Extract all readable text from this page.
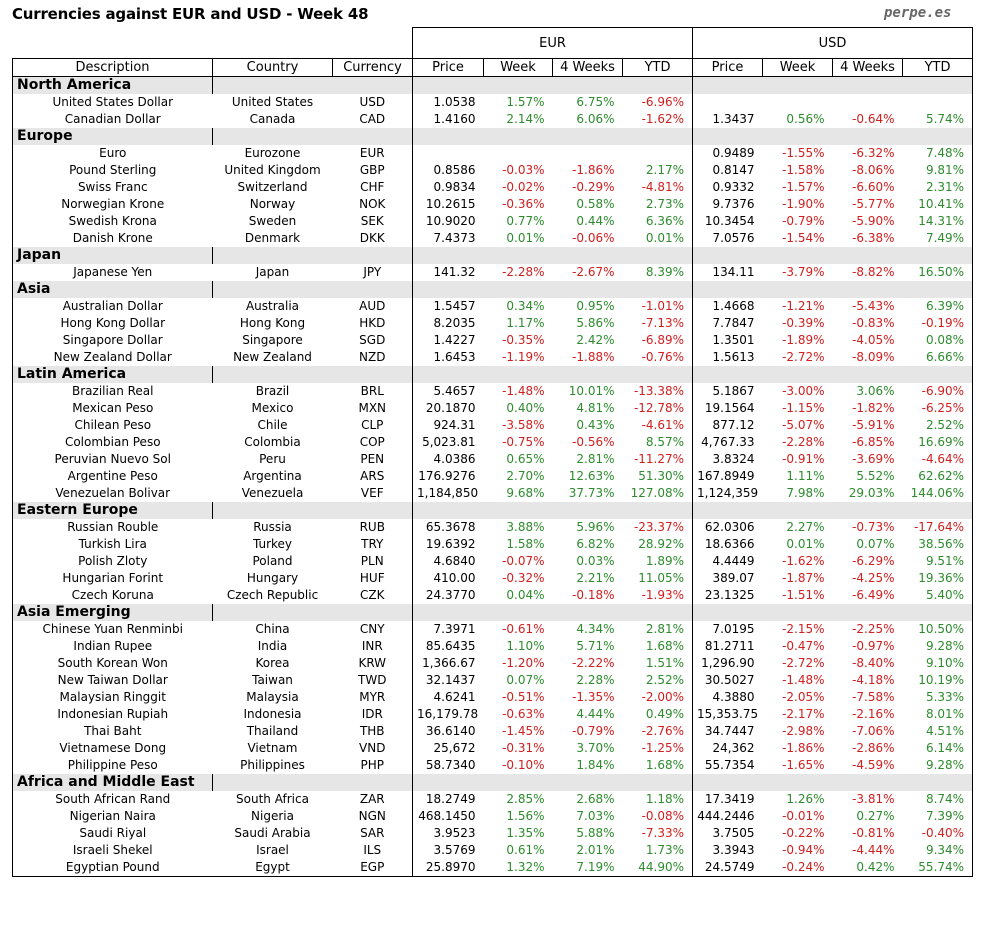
Currencies against EUR and USD - Week 48	perpe.es
			EUR				USD			
Description	Country	Currency	Price	Week	4 Weeks	YTD	Price	Week	4 Weeks	YTD
North America										
United States Dollar	United States	USD	1.0538	1.57%	6.75%	-6.96%				
Canadian Dollar	Canada	CAD	1.4160	2.14%	6.06%	-1.62%	1.3437	0.56%	-0.64%	5.74%
Europe										
Euro	Eurozone	EUR					0.9489	-1.55%	-6.32%	7.48%
Pound Sterling	United Kingdom	GBP	0.8586	-0.03%	-1.86%	2.17%	0.8147	-1.58%	-8.06%	9.81%
Swiss Franc	Switzerland	CHF	0.9834	-0.02%	-0.29%	-4.81%	0.9332	-1.57%	-6.60%	2.31%
Norwegian Krone	Norway	NOK	10.2615	-0.36%	0.58%	2.73%	9.7376	-1.90%	-5.77%	10.41%
Swedish Krona	Sweden	SEK	10.9020	0.77%	0.44%	6.36%	10.3454	-0.79%	-5.90%	14.31%
Danish Krone	Denmark	DKK	7.4373	0.01%	-0.06%	0.01%	7.0576	-1.54%	-6.38%	7.49%
Japan										
Japanese Yen	Japan	JPY	141.32	-2.28%	-2.67%	8.39%	134.11	-3.79%	-8.82%	16.50%
Asia										
Australian Dollar	Australia	AUD	1.5457	0.34%	0.95%	-1.01%	1.4668	-1.21%	-5.43%	6.39%
Hong Kong Dollar	Hong Kong	HKD	8.2035	1.17%	5.86%	-7.13%	7.7847	-0.39%	-0.83%	-0.19%
Singapore Dollar	Singapore	SGD	1.4227	-0.35%	2.42%	-6.89%	1.3501	-1.89%	-4.05%	0.08%
New Zealand Dollar	New Zealand	NZD	1.6453	-1.19%	-1.88%	-0.76%	1.5613	-2.72%	-8.09%	6.66%
Latin America										
Brazilian Real	Brazil	BRL	5.4657	-1.48%	10.01%	-13.38%	5.1867	-3.00%	3.06%	-6.90%
Mexican Peso	Mexico	MXN	20.1870	0.40%	4.81%	-12.78%	19.1564	-1.15%	-1.82%	-6.25%
Chilean Peso	Chile	CLP	924.31	-3.58%	0.43%	-4.61%	877.12	-5.07%	-5.91%	2.52%
Colombian Peso	Colombia	COP	5,023.81	-0.75%	-0.56%	8.57%	4,767.33	-2.28%	-6.85%	16.69%
Peruvian Nuevo Sol	Peru	PEN	4.0386	0.65%	2.81%	-11.27%	3.8324	-0.91%	-3.69%	-4.64%
Argentine Peso	Argentina	ARS	176.9276	2.70%	12.63%	51.30%	167.8949	1.11%	5.52%	62.62%
Venezuelan Bolivar	Venezuela	VEF	1,184,850	9.68%	37.73%	127.08%	1,124,359	7.98%	29.03%	144.06%
Eastern Europe										
Russian Rouble	Russia	RUB	65.3678	3.88%	5.96%	-23.37%	62.0306	2.27%	-0.73%	-17.64%
Turkish Lira	Turkey	TRY	19.6392	1.58%	6.82%	28.92%	18.6366	0.01%	0.07%	38.56%
Polish Zloty	Poland	PLN	4.6840	-0.07%	0.03%	1.89%	4.4449	-1.62%	-6.29%	9.51%
Hungarian Forint	Hungary	HUF	410.00	-0.32%	2.21%	11.05%	389.07	-1.87%	-4.25%	19.36%
Czech Koruna	Czech Republic	CZK	24.3770	0.04%	-0.18%	-1.93%	23.1325	-1.51%	-6.49%	5.40%
Asia Emerging										
Chinese Yuan Renminbi	China	CNY	7.3971	-0.61%	4.34%	2.81%	7.0195	-2.15%	-2.25%	10.50%
Indian Rupee	India	INR	85.6435	1.10%	5.71%	1.68%	81.2711	-0.47%	-0.97%	9.28%
South Korean Won	Korea	KRW	1,366.67	-1.20%	-2.22%	1.51%	1,296.90	-2.72%	-8.40%	9.10%
New Taiwan Dollar	Taiwan	TWD	32.1437	0.07%	2.28%	2.52%	30.5027	-1.48%	-4.18%	10.19%
Malaysian Ringgit	Malaysia	MYR	4.6241	-0.51%	-1.35%	-2.00%	4.3880	-2.05%	-7.58%	5.33%
Indonesian Rupiah	Indonesia	IDR	16,179.78	-0.63%	4.44%	0.49%	15,353.75	-2.17%	-2.16%	8.01%
Thai Baht	Thailand	THB	36.6140	-1.45%	-0.79%	-2.76%	34.7447	-2.98%	-7.06%	4.51%
Vietnamese Dong	Vietnam	VND	25,672	-0.31%	3.70%	-1.25%	24,362	-1.86%	-2.86%	6.14%
Philippine Peso	Philippines	PHP	58.7340	-0.10%	1.84%	1.68%	55.7354	-1.65%	-4.59%	9.28%
Africa and Middle East										
South African Rand	South Africa	ZAR	18.2749	2.85%	2.68%	1.18%	17.3419	1.26%	-3.81%	8.74%
Nigerian Naira	Nigeria	NGN	468.1450	1.56%	7.03%	-0.08%	444.2446	-0.01%	0.27%	7.39%
Saudi Riyal	Saudi Arabia	SAR	3.9523	1.35%	5.88%	-7.33%	3.7505	-0.22%	-0.81%	-0.40%
Israeli Shekel	Israel	ILS	3.5769	0.61%	2.01%	1.73%	3.3943	-0.94%	-4.44%	9.34%
Egyptian Pound	Egypt	EGP	25.8970	1.32%	7.19%	44.90%	24.5749	-0.24%	0.42%	55.74%
